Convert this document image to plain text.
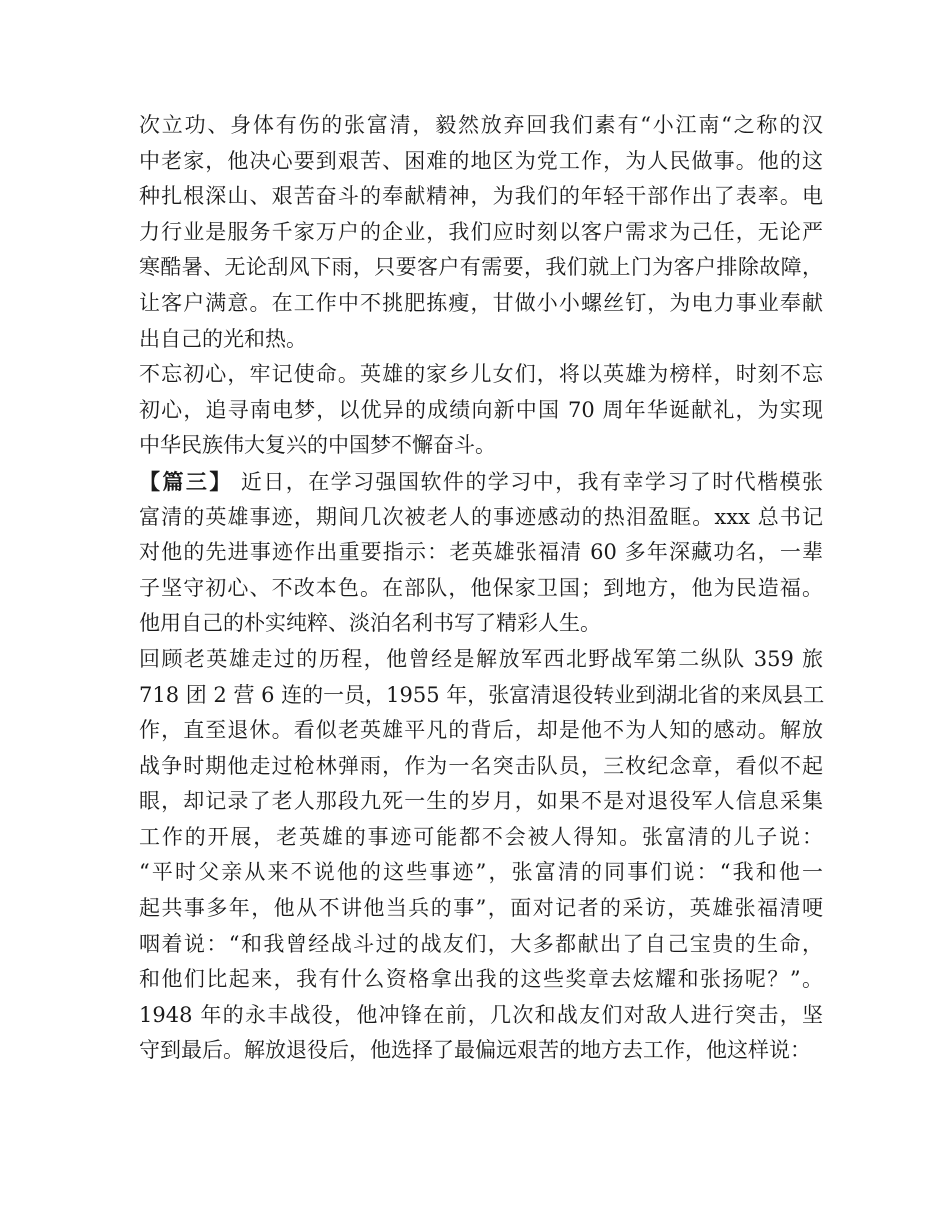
次立功、身体有伤的张富清，毅然放弃回我们素有“小江南“之称的汉
中老家，他决心要到艰苦、困难的地区为党工作，为人民做事。他的这
种扎根深山、艰苦奋斗的奉献精神，为我们的年轻干部作出了表率。电
力行业是服务千家万户的企业，我们应时刻以客户需求为己任，无论严
寒酷暑、无论刮风下雨，只要客户有需要，我们就上门为客户排除故障，
让客户满意。在工作中不挑肥拣瘦，甘做小小螺丝钉，为电力事业奉献
出自己的光和热。
不忘初心，牢记使命。英雄的家乡儿女们，将以英雄为榜样，时刻不忘
初心，追寻南电梦，以优异的成绩向新中国 70 周年华诞献礼，为实现
中华民族伟大复兴的中国梦不懈奋斗。
【篇三】 近日，在学习强国软件的学习中，我有幸学习了时代楷模张
富清的英雄事迹，期间几次被老人的事迹感动的热泪盈眶。xxx 总书记
对他的先进事迹作出重要指示：老英雄张福清 60 多年深藏功名，一辈
子坚守初心、不改本色。在部队，他保家卫国；到地方，他为民造福。
他用自己的朴实纯粹、淡泊名利书写了精彩人生。
回顾老英雄走过的历程，他曾经是解放军西北野战军第二纵队 359 旅
718 团 2 营 6 连的一员，1955 年，张富清退役转业到湖北省的来凤县工
作，直至退休。看似老英雄平凡的背后，却是他不为人知的感动。解放
战争时期他走过枪林弹雨，作为一名突击队员，三枚纪念章，看似不起
眼，却记录了老人那段九死一生的岁月，如果不是对退役军人信息采集
工作的开展，老英雄的事迹可能都不会被人得知。张富清的儿子说：
“平时父亲从来不说他的这些事迹”，张富清的同事们说：“我和他一
起共事多年，他从不讲他当兵的事”，面对记者的采访，英雄张福清哽
咽着说：“和我曾经战斗过的战友们，大多都献出了自己宝贵的生命，
和他们比起来，我有什么资格拿出我的这些奖章去炫耀和张扬呢？”。
1948 年的永丰战役，他冲锋在前，几次和战友们对敌人进行突击，坚
守到最后。解放退役后，他选择了最偏远艰苦的地方去工作，他这样说：
